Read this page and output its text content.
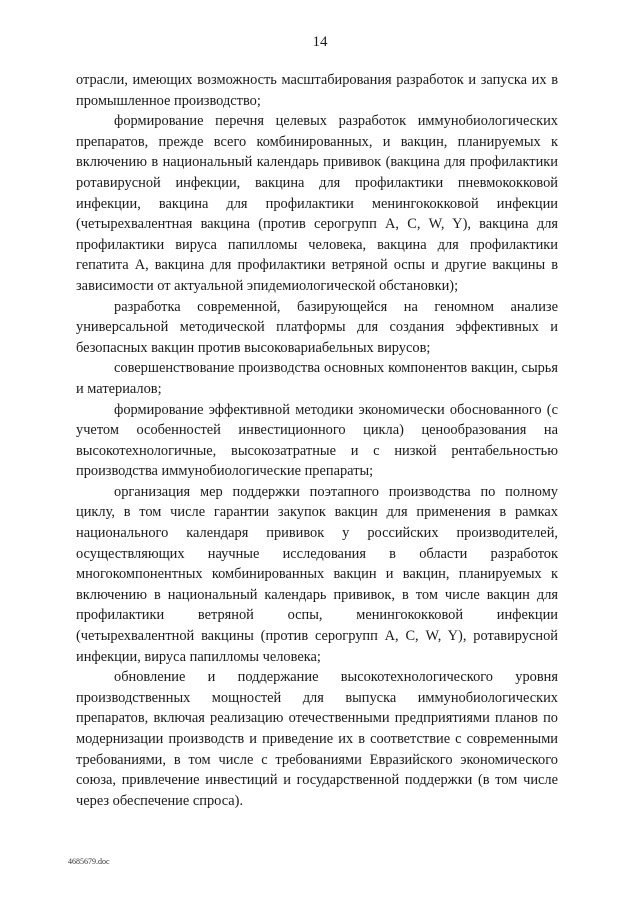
14

отрасли, имеющих возможность масштабирования разработок и запуска их в промышленное производство;

формирование перечня целевых разработок иммунобиологических препаратов, прежде всего комбинированных, и вакцин, планируемых к включению в национальный календарь прививок (вакцина для профилактики ротавирусной инфекции, вакцина для профилактики пневмококковой инфекции, вакцина для профилактики менингококковой инфекции (четырехвалентная вакцина (против серогрупп А, С, W, Y), вакцина для профилактики вируса папилломы человека, вакцина для профилактики гепатита А, вакцина для профилактики ветряной оспы и другие вакцины в зависимости от актуальной эпидемиологической обстановки);

разработка современной, базирующейся на геномном анализе универсальной методической платформы для создания эффективных и безопасных вакцин против высоковариабельных вирусов;

совершенствование производства основных компонентов вакцин, сырья и материалов;

формирование эффективной методики экономически обоснованного (с учетом особенностей инвестиционного цикла) ценообразования на высокотехнологичные, высокозатратные и с низкой рентабельностью производства иммунобиологические препараты;

организация мер поддержки поэтапного производства по полному циклу, в том числе гарантии закупок вакцин для применения в рамках национального календаря прививок у российских производителей, осуществляющих научные исследования в области разработок многокомпонентных комбинированных вакцин и вакцин, планируемых к включению в национальный календарь прививок, в том числе вакцин для профилактики ветряной оспы, менингококковой инфекции (четырехвалентной вакцины (против серогрупп А, С, W, Y), ротавирусной инфекции, вируса папилломы человека;

обновление и поддержание высокотехнологического уровня производственных мощностей для выпуска иммунобиологических препаратов, включая реализацию отечественными предприятиями планов по модернизации производств и приведение их в соответствие с современными требованиями, в том числе с требованиями Евразийского экономического союза, привлечение инвестиций и государственной поддержки (в том числе через обеспечение спроса).

4685679.doc
